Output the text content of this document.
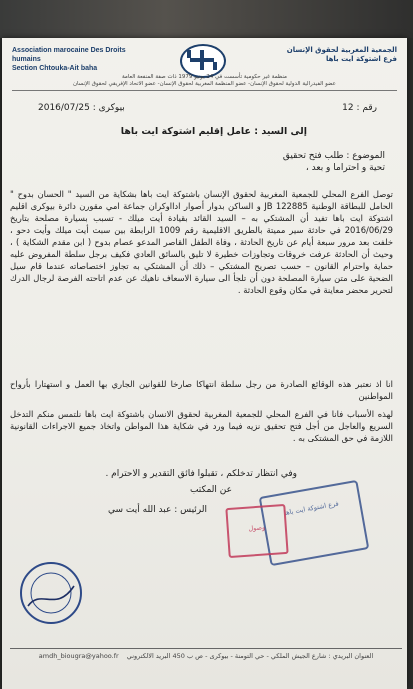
Association marocaine Des Droits humains
Section Chtouka-Ait baha
الجمعية المغربية لحقوق الإنسان
فرع اشتوكة ايت باها
منظمة غير حكومية تأسست في 24 يونيو 1979 ذات صفة المنفعة العامة
عضو الفيدرالية الدولية لحقوق الإنسان- عضو المنظمة المغربية لحقوق الإنسان- عضو الاتحاد الإفريقي لحقوق الإنسان
رقم : 12
بيوكرى : 2016/07/25
إلى السيد : عامل إقليم اشتوكة ايت باها
الموضوع : طلب فتح تحقيق
تحية و احتراما و بعد ،
توصل الفرع المحلي للجمعية المغربية لحقوق الإنسان باشتوكة ايت باها بشكاية من السيد " الحسان بدوح " الحامل للبطاقة الوطنية JB 122885 و الساكن بدوار أصوار ادااوكران جماعة امي مقورن دائرة بيوكرى اقليم اشتوكة ايت باها تفيد أن المشتكي به – السيد القائد بقيادة أيت ميلك - تسبب بسيارة مصلحة بتاريخ 2016/06/29 في حادثة سير مميتة بالطريق الاقليمية رقم 1009 الرابطة بين سبت أيت ميلك وأيت دحو ، خلفت بعد مرور سبعة أيام عن تاريخ الحادثة ، وفاة الطفل القاصر المدعو عصام بدوح ( ابن مقدم الشكاية ) ، وحيث أن الحادثة عرفت خروقات وتجاوزات خطيرة لا تليق بالسائق العادي فكيف برجل سلطة المفروض عليه حماية واحترام القانون – حسب تصريح المشتكي – ذلك أن المشتكي به تجاوز اختصاصاته عندما قام سيل الضحية على متن سيارة المصلحة دون أن تلجأ الى سيارة الاسعاف ناهيك عن عدم اتاحته الفرصة لرجال الدرك لتحرير محضر معاينة في مكان وقوع الحادثة .
انا اذ نعتبر هذه الوقائع الصادرة من رجل سلطة انتهاكا صارخا للقوانين الجاري بها العمل و استهتارا بأرواح المواطنين
لهذه الأسباب فانا في الفرع المحلي للجمعية المغربية لحقوق الانسان باشتوكة ايت باها نلتمس منكم التدخل السريع والعاجل من أجل فتح تحقيق نزيه فيما ورد في شكاية هذا المواطن واتخاذ جميع الاجراءات القانونية اللازمة في حق المشتكى به .
وفي انتظار تدخلكم ، تقبلوا فائق التقدير و الاحترام .
عن المكتب
الرئيس : عبد الله أيت سي	فرع اشتوكة ايت باها
وصول
العنوان البريدي : شارع الجيش الملكي - حي التومنة - بيوكرى - ص ب 450 البريد الالكتروني amdh_biougra@yahoo.fr
